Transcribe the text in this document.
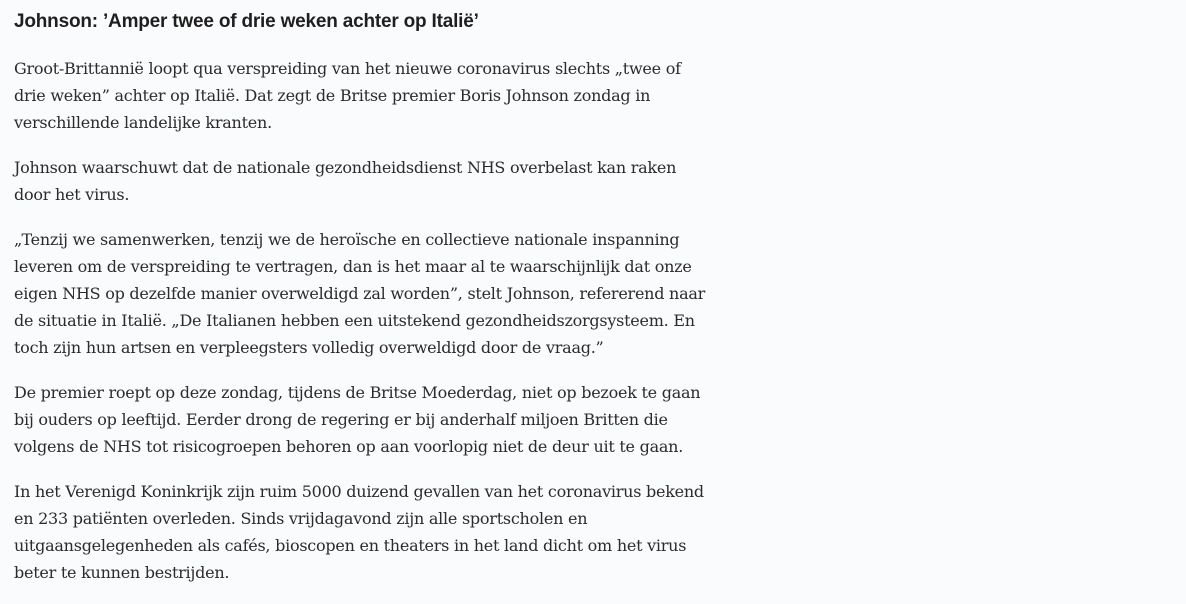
Johnson: ’Amper twee of drie weken achter op Italië’

Groot-Brittannië loopt qua verspreiding van het nieuwe coronavirus slechts „twee of
drie weken” achter op Italië. Dat zegt de Britse premier Boris Johnson zondag in
verschillende landelijke kranten.

Johnson waarschuwt dat de nationale gezondheidsdienst NHS overbelast kan raken
door het virus.

„Tenzij we samenwerken, tenzij we de heroïsche en collectieve nationale inspanning
leveren om de verspreiding te vertragen, dan is het maar al te waarschijnlijk dat onze
eigen NHS op dezelfde manier overweldigd zal worden”, stelt Johnson, refererend naar
de situatie in Italië. „De Italianen hebben een uitstekend gezondheidszorgsysteem. En
toch zijn hun artsen en verpleegsters volledig overweldigd door de vraag.”

De premier roept op deze zondag, tijdens de Britse Moederdag, niet op bezoek te gaan
bij ouders op leeftijd. Eerder drong de regering er bij anderhalf miljoen Britten die
volgens de NHS tot risicogroepen behoren op aan voorlopig niet de deur uit te gaan.

In het Verenigd Koninkrijk zijn ruim 5000 duizend gevallen van het coronavirus bekend
en 233 patiënten overleden. Sinds vrijdagavond zijn alle sportscholen en
uitgaansgelegenheden als cafés, bioscopen en theaters in het land dicht om het virus
beter te kunnen bestrijden.
